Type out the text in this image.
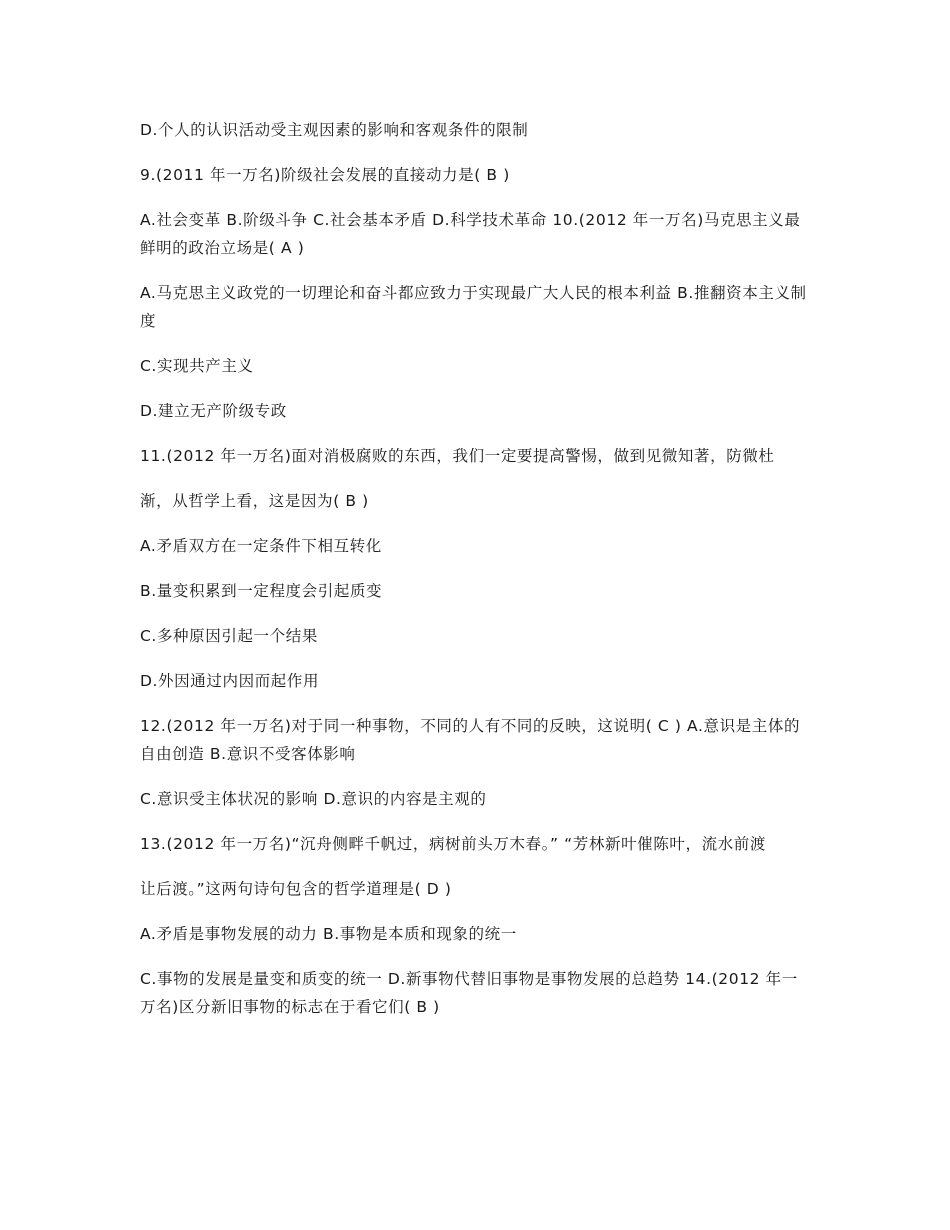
D.个人的认识活动受主观因素的影响和客观条件的限制

9.(2011 年一万名)阶级社会发展的直接动力是( B )

A.社会变革 B.阶级斗争 C.社会基本矛盾 D.科学技术革命 10.(2012 年一万名)马克思主义最鲜明的政治立场是( A )

A.马克思主义政党的一切理论和奋斗都应致力于实现最广大人民的根本利益 B.推翻资本主义制度

C.实现共产主义

D.建立无产阶级专政

11.(2012 年一万名)面对消极腐败的东西，我们一定要提高警惕，做到见微知著，防微杜

渐，从哲学上看，这是因为( B )

A.矛盾双方在一定条件下相互转化

B.量变积累到一定程度会引起质变

C.多种原因引起一个结果

D.外因通过内因而起作用

12.(2012 年一万名)对于同一种事物，不同的人有不同的反映，这说明( C ) A.意识是主体的自由创造 B.意识不受客体影响

C.意识受主体状况的影响 D.意识的内容是主观的

13.(2012 年一万名)“沉舟侧畔千帆过，病树前头万木春。” “芳林新叶催陈叶，流水前渡

让后渡。”这两句诗句包含的哲学道理是( D )

A.矛盾是事物发展的动力 B.事物是本质和现象的统一

C.事物的发展是量变和质变的统一 D.新事物代替旧事物是事物发展的总趋势 14.(2012 年一万名)区分新旧事物的标志在于看它们( B )
